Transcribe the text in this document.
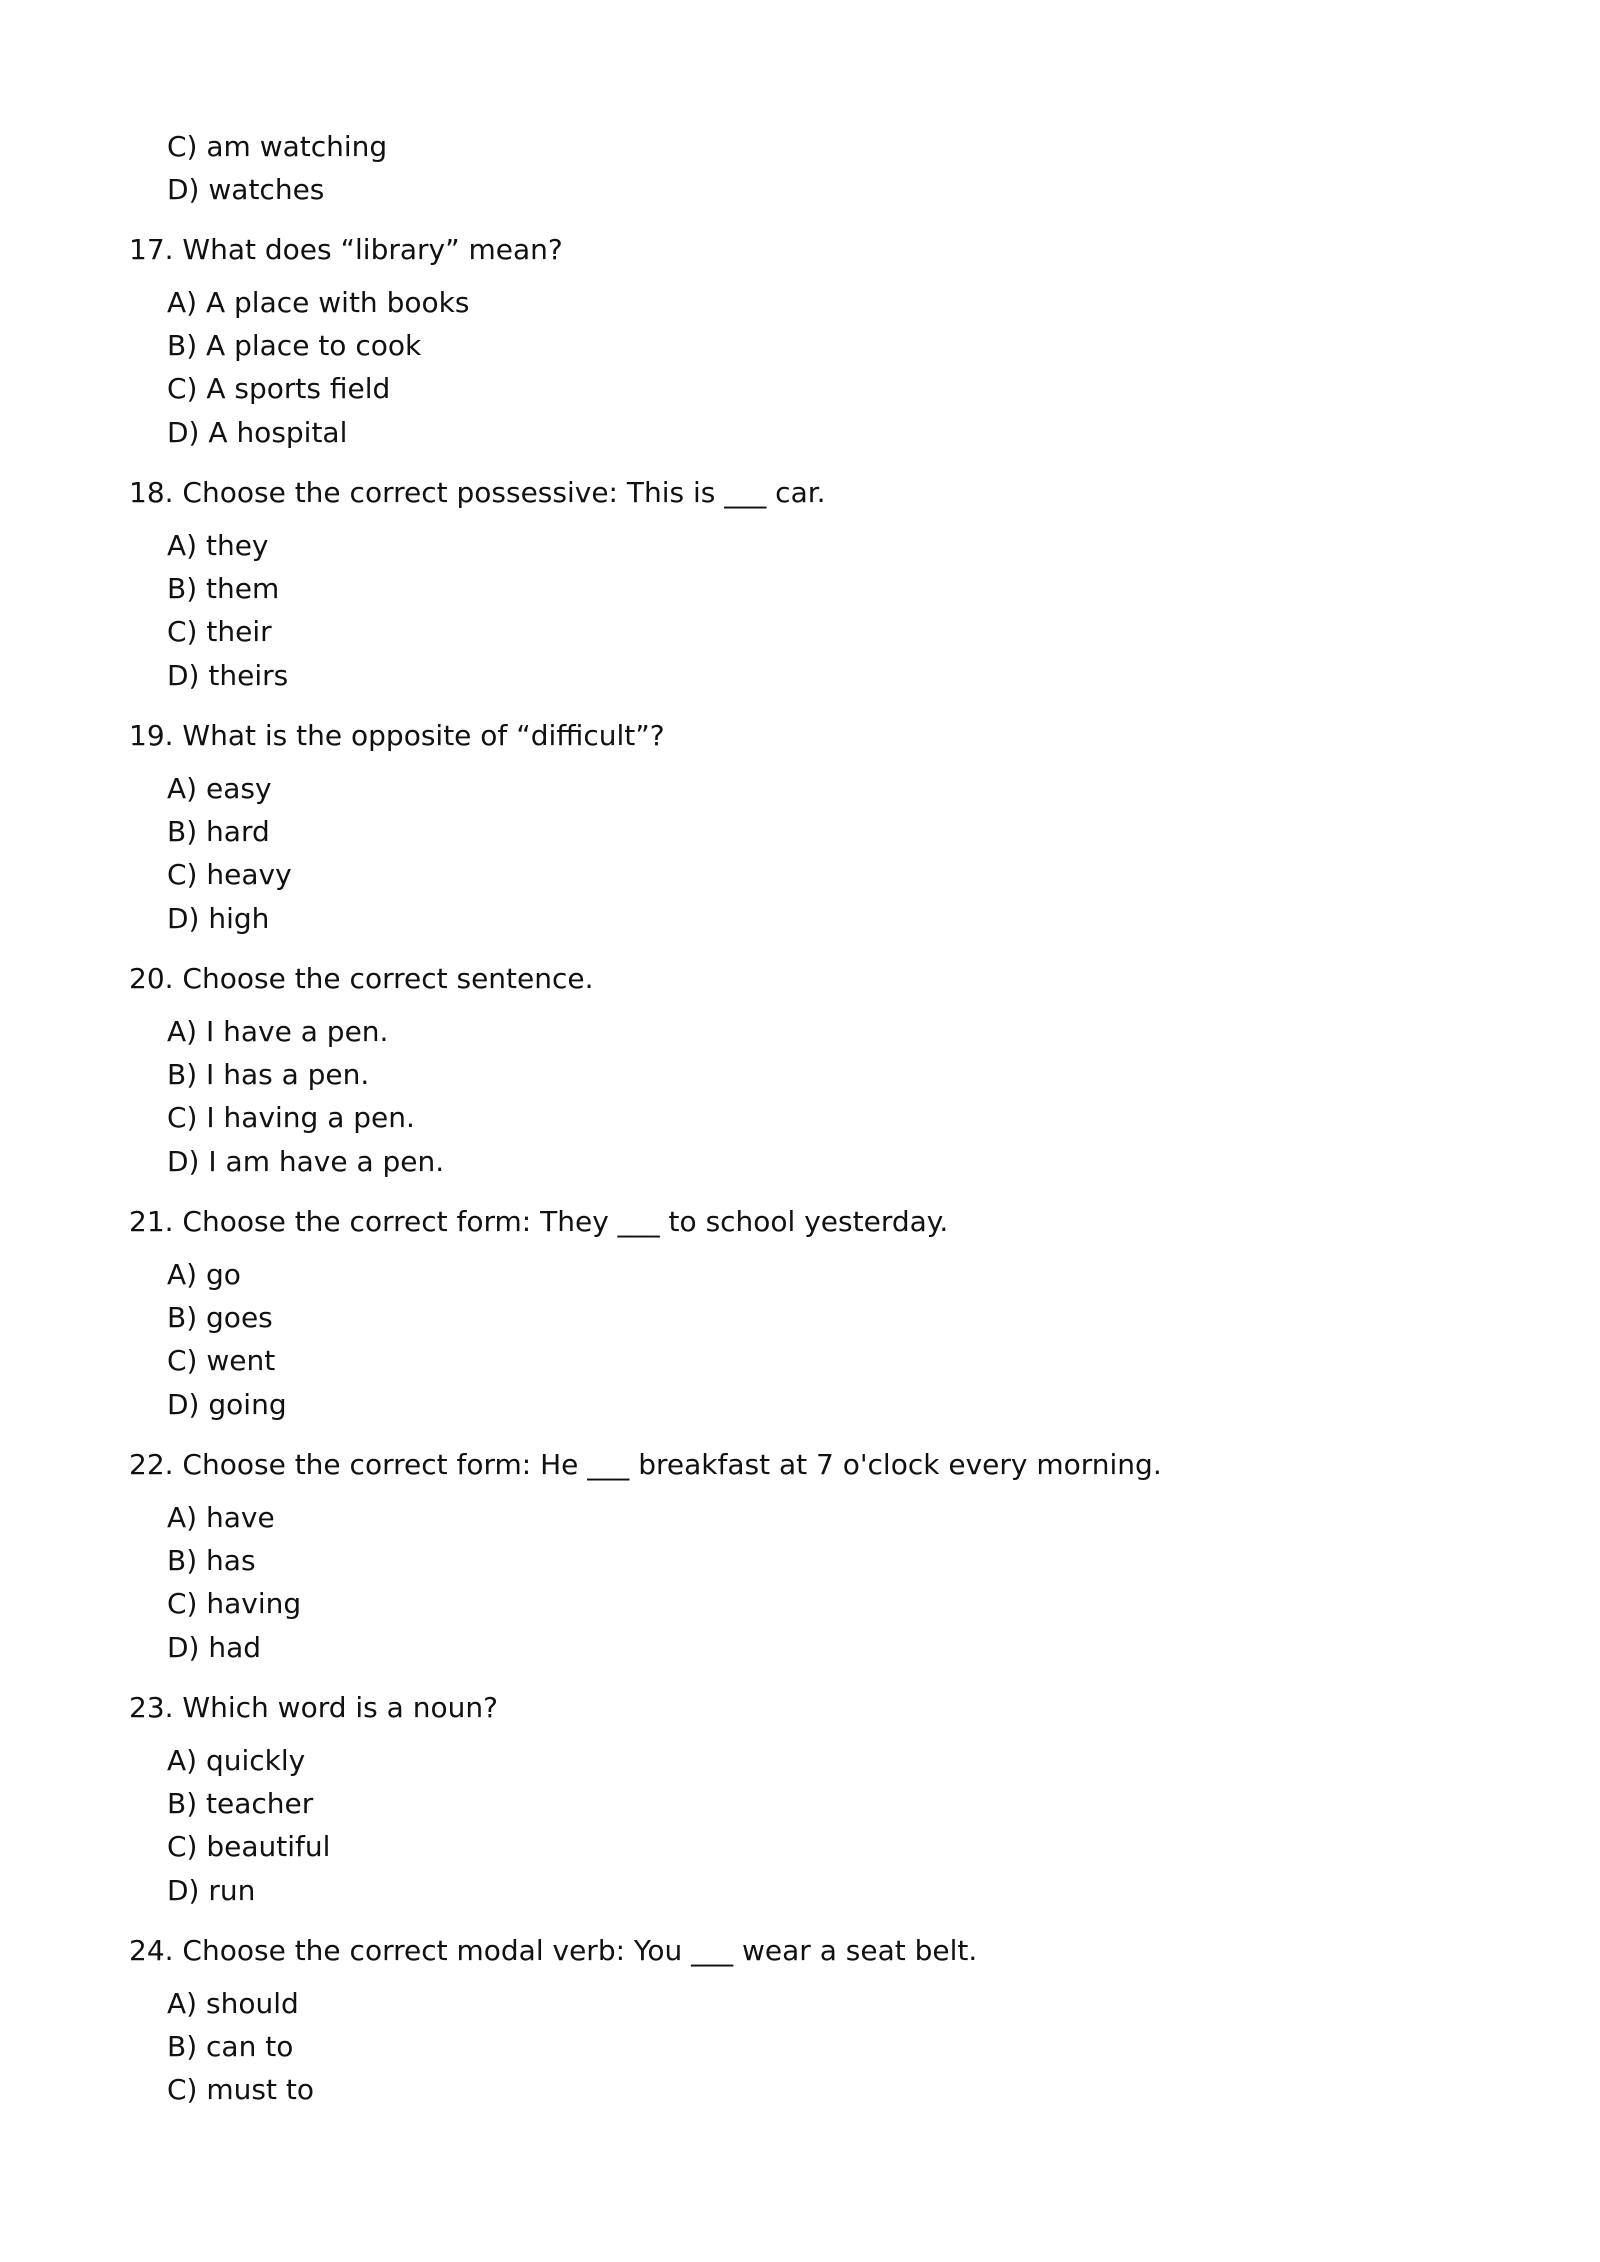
C) am watching
D) watches
17. What does “library” mean?
A) A place with books
B) A place to cook
C) A sports field
D) A hospital
18. Choose the correct possessive: This is ___ car.
A) they
B) them
C) their
D) theirs
19. What is the opposite of “difficult”?
A) easy
B) hard
C) heavy
D) high
20. Choose the correct sentence.
A) I have a pen.
B) I has a pen.
C) I having a pen.
D) I am have a pen.
21. Choose the correct form: They ___ to school yesterday.
A) go
B) goes
C) went
D) going
22. Choose the correct form: He ___ breakfast at 7 o'clock every morning.
A) have
B) has
C) having
D) had
23. Which word is a noun?
A) quickly
B) teacher
C) beautiful
D) run
24. Choose the correct modal verb: You ___ wear a seat belt.
A) should
B) can to
C) must to
